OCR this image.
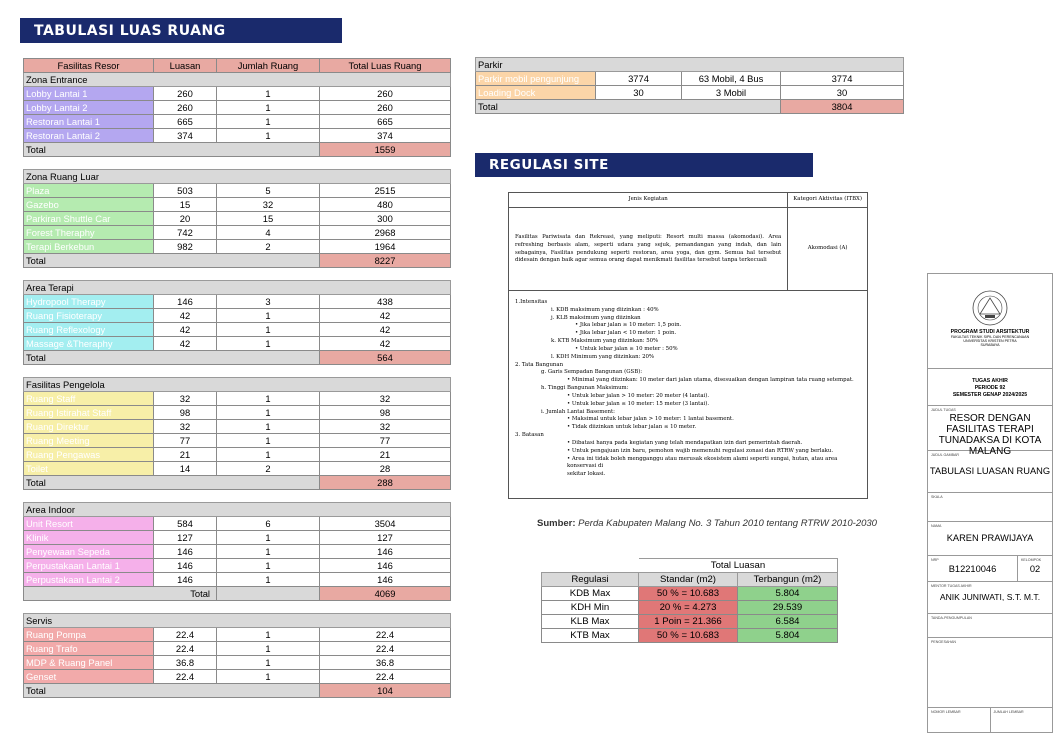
TABULASI LUAS RUANG
REGULASI SITE
Fasilitas Resor	Luasan	Jumlah Ruang	Total Luas Ruang
Zona Entrance			
Lobby Lantai 1	260	1	260
Lobby Lantai 2	260	1	260
Restoran Lantai 1	665	1	665
Restoran Lantai 2	374	1	374
Total			1559

Zona Ruang Luar			
Plaza	503	5	2515
Gazebo	15	32	480
Parkiran Shuttle Car	20	15	300
Forest Theraphy	742	4	2968
Terapi Berkebun	982	2	1964
Total			8227

Area Terapi			
Hydropool Therapy	146	3	438
Ruang Fisioterapy	42	1	42
Ruang Reflexology	42	1	42
Massage &Theraphy	42	1	42
Total			564

Fasilitas Pengelola			
Ruang Staff	32	1	32
Ruang Istirahat Staff	98	1	98
Ruang Direktur	32	1	32
Ruang Meeting	77	1	77
Ruang Pengawas	21	1	21
Toilet	14	2	28
Total			288

Area Indoor			
Unit Resort	584	6	3504
Klinik	127	1	127
Penyewaan Sepeda	146	1	146
Perpustakaan Lantai 1	146	1	146
Perpustakaan Lantai 2	146	1	146
Total			4069

Servis			
Ruang Pompa	22.4	1	22.4
Ruang Trafo	22.4	1	22.4
MDP & Ruang Panel	36.8	1	36.8
Genset	22.4	1	22.4
Total			104
Parkir			
Parkir mobil pengunjung	3774	63 Mobil, 4 Bus	3774
Loading Dock	30	3 Mobil	30
Total			3804
Jenis Kegiatan	Kategori Aktivitas (ITBX)
Fasilitas Pariwisata dan Rekreasi, yang meliputi: Resort multi massa (akomodasi). Area refreshing berbasis alam, seperti udara yang sejuk, pemandangan yang indah, dan lain sebagainya, Fasilitas pendukung seperti restoran, area yoga, dan gym. Semua hal tersebut didesain dengan baik agar semua orang dapat menikmati fasilitas tersebut tanpa terkecuali
Akomodasi (A)

1.Intensitas

i. KDB maksimum yang diizinkan : 40%

j. KLB maksimum yang diizinkan

• Jika lebar jalan ≥ 10 meter: 1,5 poin.

• Jika lebar jalan < 10 meter: 1 poin.

k. KTB Maksimum yang diizinkan: 50%

• Untuk lebar jalan ≥ 10 meter : 50%

l. KDH Minimum yang diizinkan: 20%

2. Tata Bangunan

g. Garis Sempadan Bangunan (GSB):

• Minimal yang diizinkan: 10 meter dari jalan utama, disesuaikan dengan lampiran tata ruang setempat.

h. Tinggi Bangunan Maksimum:

• Untuk lebar jalan > 10 meter: 20 meter (4 lantai).

• Untuk lebar jalan ≤ 10 meter: 15 meter (3 lantai).

i. Jumlah Lantai Basement:

• Maksimal untuk lebar jalan > 10 meter: 1 lantai basement.

• Tidak diizinkan untuk lebar jalan ≤ 10 meter.

3. Batasan

• Dibatasi hanya pada kegiatan yang telah mendapatkan izin dari pemerintah daerah.

• Untuk pengajuan izin baru, pemohon wajib memenuhi regulasi zonasi dan RTRW yang berlaku.

• Area ini tidak boleh mengganggu atau merusak ekosistem alami seperti sungai, hutan, atau area konservasi di

sekitar lokasi.

Sumber: Perda Kabupaten Malang No. 3 Tahun 2010 tentang RTRW 2010-2030
	Total Luasan	
Regulasi	Standar (m2)	Terbangun (m2)
KDB Max	50 % = 10.683	5.804
KDH Min	20 % = 4.273	29.539
KLB Max	1 Poin = 21.366	6.584
KTB Max	50 % = 10.683	5.804
PROGRAM STUDI ARSITEKTUR
FAKULTAS TEKNIK SIPIL DAN PERENCANAAN
UNIVERSITAS KRISTEN PETRA
SURABAYA
TUGAS AKHIR
PERIODE 92
SEMESTER GENAP 2024/2025
JUDUL TUGAS
RESOR DENGAN FASILITAS TERAPI TUNADAKSA DI KOTA MALANG
JUDUL GAMBAR
TABULASI LUASAN RUANG
SKALA
NAMA
KAREN PRAWIJAYA
NRP
B12210046
KELOMPOK
02
MENTOR TUGAS AKHIR
ANIK JUNIWATI, S.T. M.T.
TANDA-PENGUMPULAN
PENGESAHAN
NOMOR LEMBAR	JUMLAH LEMBAR
